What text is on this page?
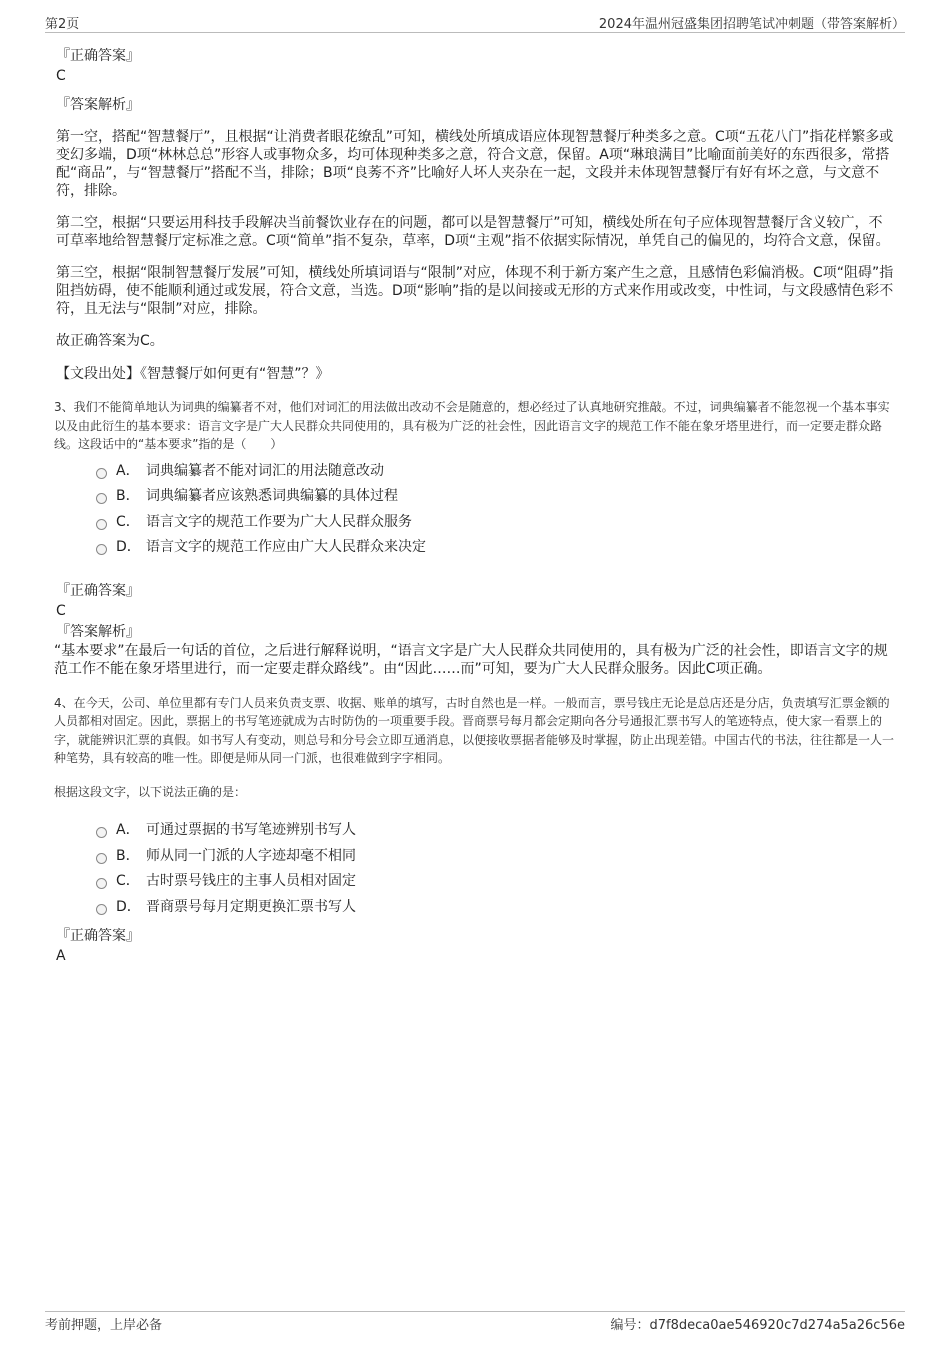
第2页	2024年温州冠盛集团招聘笔试冲刺题（带答案解析）

『正确答案』

C

『答案解析』

第一空，搭配“智慧餐厅”，且根据“让消费者眼花缭乱”可知，横线处所填成语应体现智慧餐厅种类多之意。C项“五花八门”指花样繁多或变幻多端，D项“林林总总”形容人或事物众多，均可体现种类多之意，符合文意，保留。A项“琳琅满目”比喻面前美好的东西很多，常搭配“商品”，与“智慧餐厅”搭配不当，排除；B项“良莠不齐”比喻好人坏人夹杂在一起，文段并未体现智慧餐厅有好有坏之意，与文意不符，排除。

第二空，根据“只要运用科技手段解决当前餐饮业存在的问题，都可以是智慧餐厅”可知，横线处所在句子应体现智慧餐厅含义较广，不可草率地给智慧餐厅定标准之意。C项“简单”指不复杂，草率，D项“主观”指不依据实际情况，单凭自己的偏见的，均符合文意，保留。

第三空，根据“限制智慧餐厅发展”可知，横线处所填词语与“限制”对应，体现不利于新方案产生之意，且感情色彩偏消极。C项“阻碍”指阻挡妨碍，使不能顺利通过或发展，符合文意，当选。D项“影响”指的是以间接或无形的方式来作用或改变，中性词，与文段感情色彩不符，且无法与“限制”对应，排除。

故正确答案为C。

【文段出处】《智慧餐厅如何更有“智慧”？》

3、我们不能简单地认为词典的编纂者不对，他们对词汇的用法做出改动不会是随意的，想必经过了认真地研究推敲。不过，词典编纂者不能忽视一个基本事实以及由此衍生的基本要求：语言文字是广大人民群众共同使用的，具有极为广泛的社会性，因此语言文字的规范工作不能在象牙塔里进行，而一定要走群众路线。这段话中的“基本要求”指的是（　　）

A． 词典编纂者不能对词汇的用法随意改动
B． 词典编纂者应该熟悉词典编纂的具体过程
C． 语言文字的规范工作要为广大人民群众服务
D． 语言文字的规范工作应由广大人民群众来决定

『正确答案』

C

『答案解析』

“基本要求”在最后一句话的首位，之后进行解释说明，“语言文字是广大人民群众共同使用的，具有极为广泛的社会性，即语言文字的规范工作不能在象牙塔里进行，而一定要走群众路线”。由“因此……而”可知，要为广大人民群众服务。因此C项正确。

4、在今天，公司、单位里都有专门人员来负责支票、收据、账单的填写，古时自然也是一样。一般而言，票号钱庄无论是总店还是分店，负责填写汇票金额的人员都相对固定。因此，票据上的书写笔迹就成为古时防伪的一项重要手段。晋商票号每月都会定期向各分号通报汇票书写人的笔迹特点，使大家一看票上的字，就能辨识汇票的真假。如书写人有变动，则总号和分号会立即互通消息，以便接收票据者能够及时掌握，防止出现差错。中国古代的书法，往往都是一人一种笔势，具有较高的唯一性。即便是师从同一门派，也很难做到字字相同。

根据这段文字，以下说法正确的是：

A． 可通过票据的书写笔迹辨别书写人
B． 师从同一门派的人字迹却毫不相同
C． 古时票号钱庄的主事人员相对固定
D． 晋商票号每月定期更换汇票书写人

『正确答案』

A

考前押题，上岸必备	编号：d7f8deca0ae546920c7d274a5a26c56e
